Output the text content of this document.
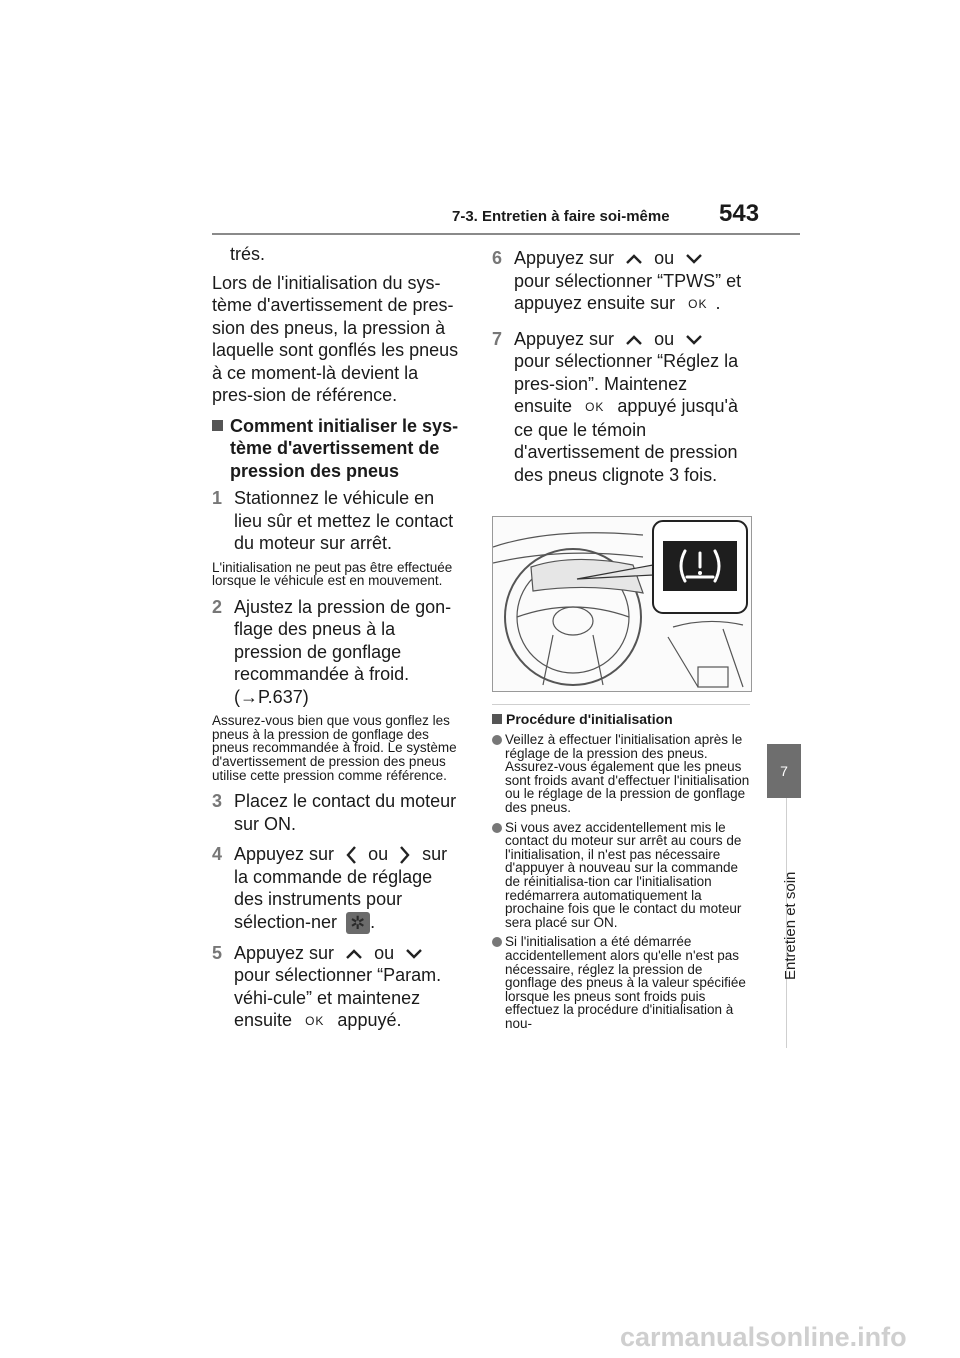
7-3. Entretien à faire soi-même 543
7
Entretien et soin

trés.

Lors de l'initialisation du sys-tème d'avertissement de pres-sion des pneus, la pression à laquelle sont gonflés les pneus à ce moment-là devient la pres-sion de référence.

Comment initialiser le sys-tème d'avertissement de pression des pneus
1 Stationnez le véhicule en lieu sûr et mettez le contact du moteur sur arrêt.

L'initialisation ne peut pas être effectuée lorsque le véhicule est en mouvement.

2 Ajustez la pression de gon-flage des pneus à la pression de gonflage recommandée à froid. (→P.637)

Assurez-vous bien que vous gonflez les pneus à la pression de gonflage des pneus recommandée à froid. Le système d'avertissement de pression des pneus utilise cette pression comme référence.

3 Placez le contact du moteur sur ON.
4 Appuyez sur ou sur la commande de réglage des instruments pour sélection-ner ✲ .
5 Appuyez sur ou  pour sélectionner “Param. véhi-cule” et maintenez ensuite OK appuyé.
6 Appuyez sur ou  pour sélectionner “TPWS” et appuyez ensuite sur OK .
7 Appuyez sur ou  pour sélectionner “Réglez la pres-sion”. Maintenez ensuite OK appuyé jusqu'à ce que le témoin d'avertissement de pression des pneus clignote 3 fois.
Procédure d'initialisation

Veillez à effectuer l'initialisation après le réglage de la pression des pneus.

Assurez-vous également que les pneus sont froids avant d'effectuer l'initialisation ou le réglage de la pression de gonflage des pneus.

Si vous avez accidentellement mis le contact du moteur sur arrêt au cours de l'initialisation, il n'est pas nécessaire d'appuyer à nouveau sur la commande de réinitialisa-tion car l'initialisation redémarrera automatiquement la prochaine fois que le contact du moteur sera placé sur ON.

Si l'initialisation a été démarrée accidentellement alors qu'elle n'est pas nécessaire, réglez la pression de gonflage des pneus à la valeur spécifiée lorsque les pneus sont froids puis effectuez la procédure d'initialisation à nou-

carmanualsonline.info
